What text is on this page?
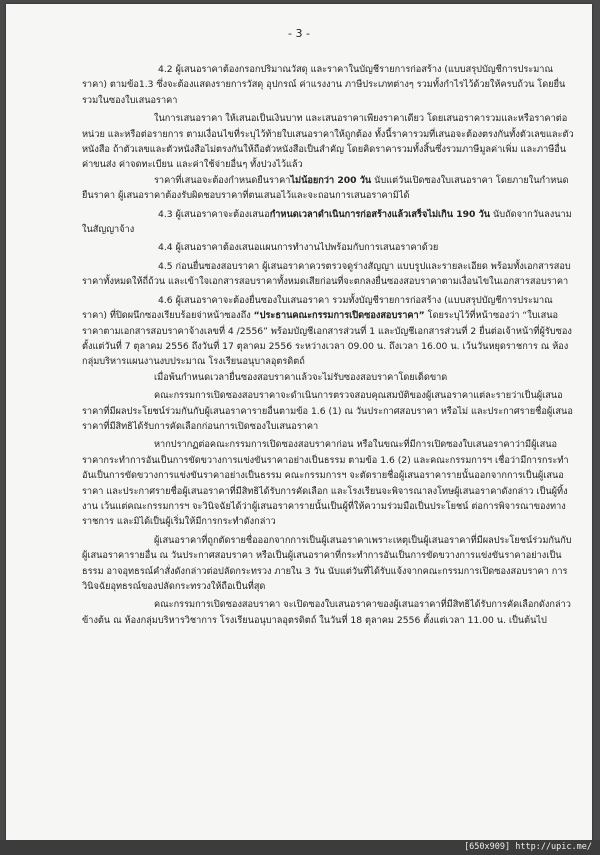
- 3 -

4.2 ผู้เสนอราคาต้องกรอกปริมาณวัสดุ และราคาในบัญชีรายการก่อสร้าง (แบบสรุปบัญชีการประมาณราคา) ตามข้อ1.3 ซึ่งจะต้องแสดงรายการวัสดุ อุปกรณ์ ค่าแรงงาน ภาษีประเภทต่างๆ รวมทั้งกำไรไว้ด้วยให้ครบถ้วน โดยยื่นรวมในซองใบเสนอราคา

ในการเสนอราคา ให้เสนอเป็นเงินบาท และเสนอราคาเพียงราคาเดียว โดยเสนอราคารวมและหรือราคาต่อหน่วย และหรือต่อรายการ ตามเงื่อนไขที่ระบุไว้ท้ายใบเสนอราคาให้ถูกต้อง ทั้งนี้ราคารวมที่เสนอจะต้องตรงกันทั้งตัวเลขและตัวหนังสือ ถ้าตัวเลขและตัวหนังสือไม่ตรงกันให้ถือตัวหนังสือเป็นสำคัญ โดยคิดราคารวมทั้งสิ้นซึ่งรวมภาษีมูลค่าเพิ่ม และภาษีอื่น ค่าขนส่ง ค่าจดทะเบียน และค่าใช้จ่ายอื่นๆ ทั้งปวงไว้แล้ว

ราคาที่เสนอจะต้องกำหนดยืนราคาไม่น้อยกว่า 200 วัน นับแต่วันเปิดซองใบเสนอราคา โดยภายในกำหนดยืนราคา ผู้เสนอราคาต้องรับผิดชอบราคาที่ตนเสนอไว้และจะถอนการเสนอราคามิได้

4.3 ผู้เสนอราคาจะต้องเสนอกำหนดเวลาดำเนินการก่อสร้างแล้วเสร็จไม่เกิน 190 วัน นับถัดจากวันลงนามในสัญญาจ้าง

4.4 ผู้เสนอราคาต้องเสนอแผนการทำงานไปพร้อมกับการเสนอราคาด้วย

4.5 ก่อนยื่นซองสอบราคา ผู้เสนอราคาควรตรวจดูร่างสัญญา แบบรูปและรายละเอียด พร้อมทั้งเอกสารสอบราคาทั้งหมดให้ถี่ถ้วน และเข้าใจเอกสารสอบราคาทั้งหมดเสียก่อนที่จะตกลงยื่นซองสอบราคาตามเงื่อนไขในเอกสารสอบราคา

4.6 ผู้เสนอราคาจะต้องยื่นซองใบเสนอราคา รวมทั้งบัญชีรายการก่อสร้าง (แบบสรุปบัญชีการประมาณราคา) ที่ปิดผนึกซองเรียบร้อยจ่าหน้าซองถึง “ประธานคณะกรรมการเปิดซองสอบราคา” โดยระบุไว้ที่หน้าซองว่า “ใบเสนอราคาตามเอกสารสอบราคาจ้างเลขที่ 4 /2556” พร้อมบัญชีเอกสารส่วนที่ 1 และบัญชีเอกสารส่วนที่ 2 ยื่นต่อเจ้าหน้าที่ผู้รับซอง ตั้งแต่วันที่ 7 ตุลาคม 2556 ถึงวันที่ 17 ตุลาคม 2556 ระหว่างเวลา 09.00 น. ถึงเวลา 16.00 น. เว้นวันหยุดราชการ ณ ห้องกลุ่มบริหารแผนงานงบประมาณ โรงเรียนอนุบาลอุตรดิตถ์

เมื่อพ้นกำหนดเวลายื่นซองสอบราคาแล้วจะไม่รับซองสอบราคาโดยเด็ดขาด

คณะกรรมการเปิดซองสอบราคาจะดำเนินการตรวจสอบคุณสมบัติของผู้เสนอราคาแต่ละรายว่าเป็นผู้เสนอราคาที่มีผลประโยชน์ร่วมกันกับผู้เสนอราคารายอื่นตามข้อ 1.6 (1) ณ วันประกาศสอบราคา หรือไม่ และประกาศรายชื่อผู้เสนอราคาที่มีสิทธิได้รับการคัดเลือกก่อนการเปิดซองใบเสนอราคา

หากปรากฏต่อคณะกรรมการเปิดซองสอบราคาก่อน หรือในขณะที่มีการเปิดซองใบเสนอราคาว่ามีผู้เสนอราคากระทำการอันเป็นการขัดขวางการแข่งขันราคาอย่างเป็นธรรม ตามข้อ 1.6 (2) และคณะกรรมการฯ เชื่อว่ามีการกระทำอันเป็นการขัดขวางการแข่งขันราคาอย่างเป็นธรรม คณะกรรมการฯ จะตัดรายชื่อผู้เสนอราคารายนั้นออกจากการเป็นผู้เสนอราคา และประกาศรายชื่อผู้เสนอราคาที่มีสิทธิได้รับการคัดเลือก และโรงเรียนจะพิจารณาลงโทษผู้เสนอราคาดังกล่าว เป็นผู้ทิ้งงาน เว้นแต่คณะกรรมการฯ จะวินิจฉัยได้ว่าผู้เสนอราคารายนั้นเป็นผู้ที่ให้ความร่วมมือเป็นประโยชน์ ต่อการพิจารณาของทางราชการ และมิได้เป็นผู้เริ่มให้มีการกระทำดังกล่าว

ผู้เสนอราคาที่ถูกตัดรายชื่อออกจากการเป็นผู้เสนอราคาเพราะเหตุเป็นผู้เสนอราคาที่มีผลประโยชน์ร่วมกันกับผู้เสนอราคารายอื่น ณ วันประกาศสอบราคา หรือเป็นผู้เสนอราคาที่กระทำการอันเป็นการขัดขวางการแข่งขันราคาอย่างเป็นธรรม อาจอุทธรณ์คำสั่งดังกล่าวต่อปลัดกระทรวง ภายใน 3 วัน นับแต่วันที่ได้รับแจ้งจากคณะกรรมการเปิดซองสอบราคา การวินิจฉัยอุทธรณ์ของปลัดกระทรวงให้ถือเป็นที่สุด

คณะกรรมการเปิดซองสอบราคา จะเปิดซองใบเสนอราคาของผู้เสนอราคาที่มีสิทธิได้รับการคัดเลือกดังกล่าวข้างต้น ณ ห้องกลุ่มบริหารวิชาการ โรงเรียนอนุบาลอุตรดิตถ์ ในวันที่ 18 ตุลาคม 2556 ตั้งแต่เวลา 11.00 น. เป็นต้นไป

[650x909] http://upic.me/
